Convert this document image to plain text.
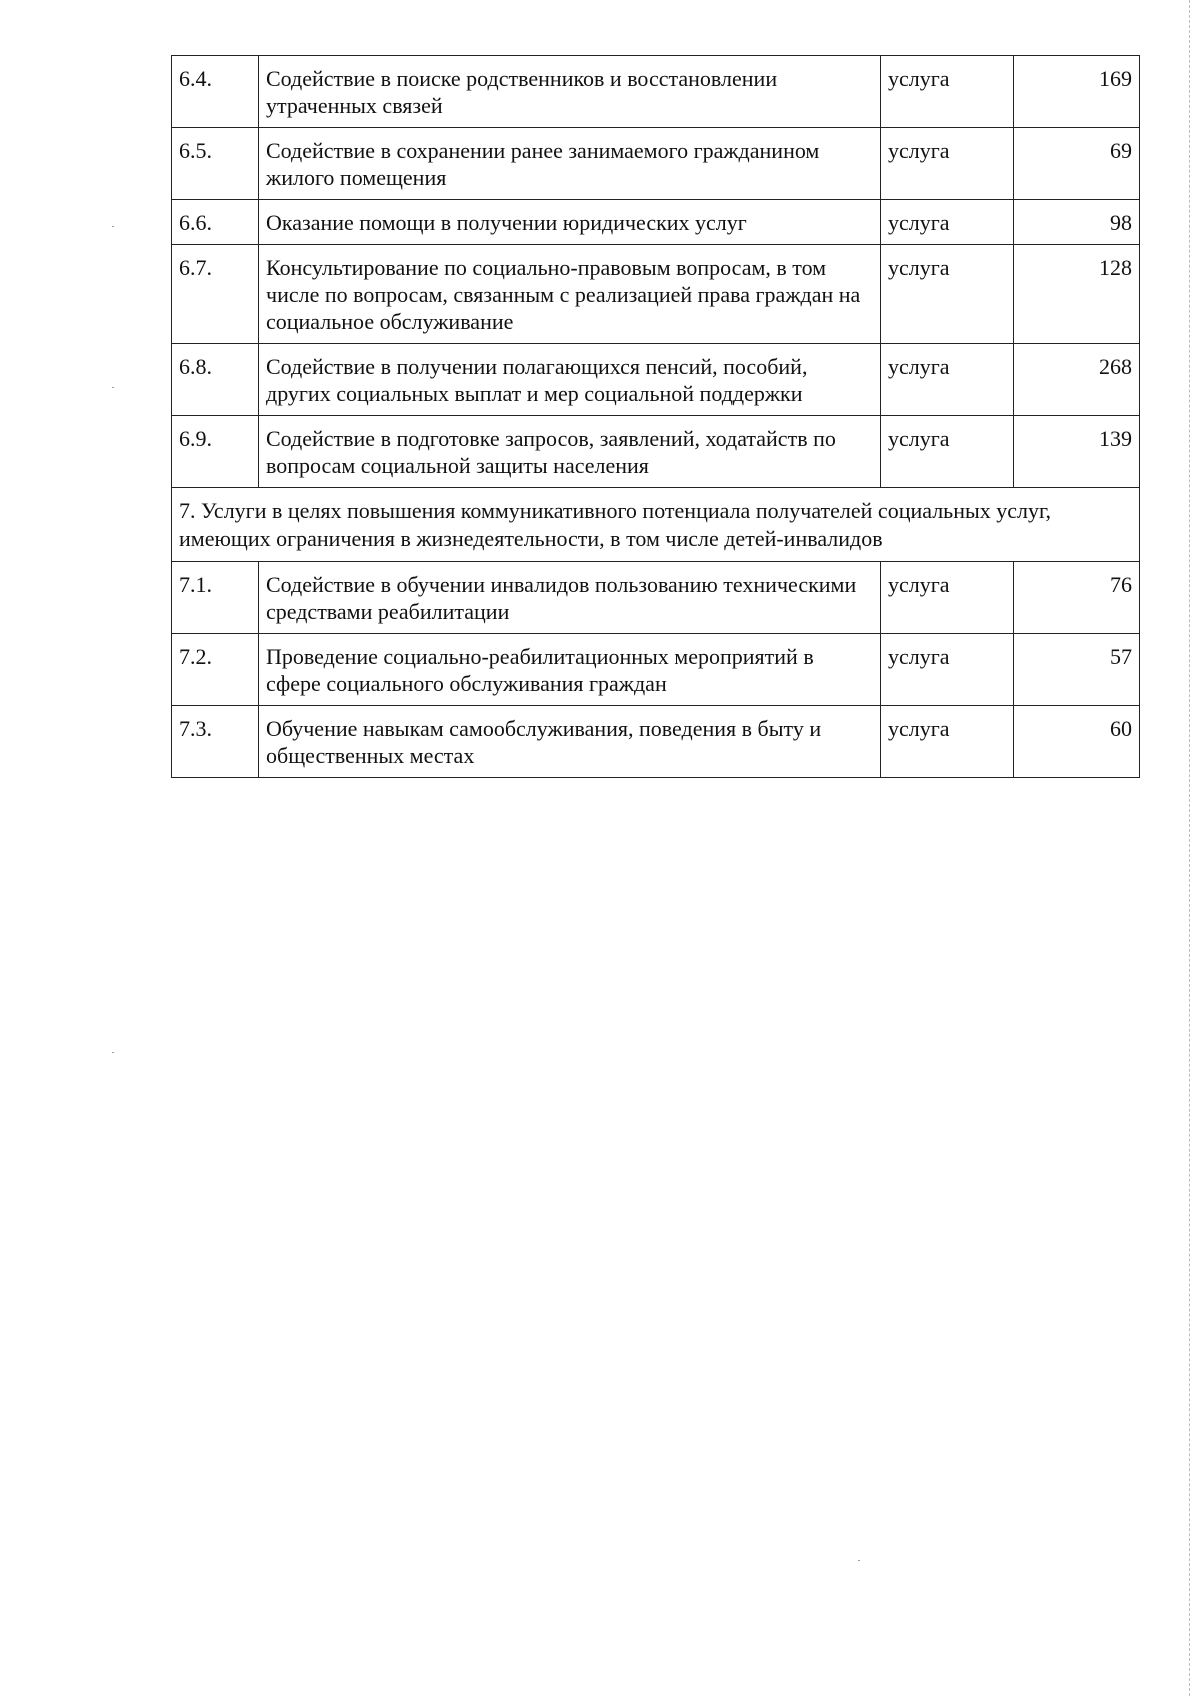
6.4.	Содействие в поиске родственников и восстановлении утраченных связей	услуга	169
6.5.	Содействие в сохранении ранее занимаемого гражданином жилого помещения	услуга	69
6.6.	Оказание помощи в получении юридических услуг	услуга	98
6.7.	Консультирование по социально-правовым вопросам, в том числе по вопросам, связанным с реализацией права граждан на социальное обслуживание	услуга	128
6.8.	Содействие в получении полагающихся пенсий, пособий, других социальных выплат и мер социальной поддержки	услуга	268
6.9.	Содействие в подготовке запросов, заявлений, ходатайств по вопросам социальной защиты населения	услуга	139
7. Услуги в целях повышения коммуникативного потенциала получателей социальных услуг, имеющих ограничения в жизнедеятельности, в том числе детей-инвалидов			
7.1.	Содействие в обучении инвалидов пользованию техническими средствами реабилитации	услуга	76
7.2.	Проведение социально-реабилитационных мероприятий в сфере социального обслуживания граждан	услуга	57
7.3.	Обучение навыкам самообслуживания, поведения в быту и общественных местах	услуга	60
